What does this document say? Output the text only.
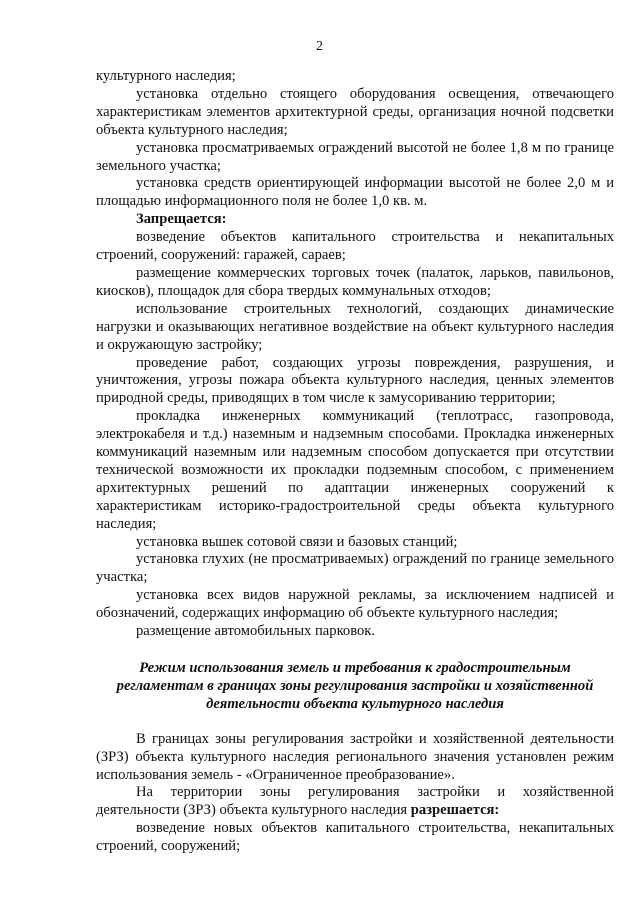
2

культурного наследия;

установка отдельно стоящего оборудования освещения, отвечающего характеристикам элементов архитектурной среды, организация ночной подсветки объекта культурного наследия;

установка просматриваемых ограждений высотой не более 1,8 м по границе земельного участка;

установка средств ориентирующей информации высотой не более 2,0 м и площадью информационного поля не более 1,0 кв. м.

Запрещается:

возведение объектов капитального строительства и некапитальных строений, сооружений: гаражей, сараев;

размещение коммерческих торговых точек (палаток, ларьков, павильонов, киосков), площадок для сбора твердых коммунальных отходов;

использование строительных технологий, создающих динамические нагрузки и оказывающих негативное воздействие на объект культурного наследия и окружающую застройку;

проведение работ, создающих угрозы повреждения, разрушения, и уничтожения, угрозы пожара объекта культурного наследия, ценных элементов природной среды, приводящих в том числе к замусориванию территории;

прокладка инженерных коммуникаций (теплотрасс, газопровода, электрокабеля и т.д.) наземным и надземным способами. Прокладка инженерных коммуникаций наземным или надземным способом допускается при отсутствии технической возможности их прокладки подземным способом, с применением архитектурных решений по адаптации инженерных сооружений к характеристикам историко-градостроительной среды объекта культурного наследия;

установка вышек сотовой связи и базовых станций;

установка глухих (не просматриваемых) ограждений по границе земельного участка;

установка всех видов наружной рекламы, за исключением надписей и обозначений, содержащих информацию об объекте культурного наследия;

размещение автомобильных парковок.

Режим использования земель и требования к градостроительным регламентам в границах зоны регулирования застройки и хозяйственной деятельности объекта культурного наследия

В границах зоны регулирования застройки и хозяйственной деятельности (ЗРЗ) объекта культурного наследия регионального значения установлен режим использования земель - «Ограниченное преобразование».

На территории зоны регулирования застройки и хозяйственной деятельности (ЗРЗ) объекта культурного наследия разрешается:

возведение новых объектов капитального строительства, некапитальных строений, сооружений;
